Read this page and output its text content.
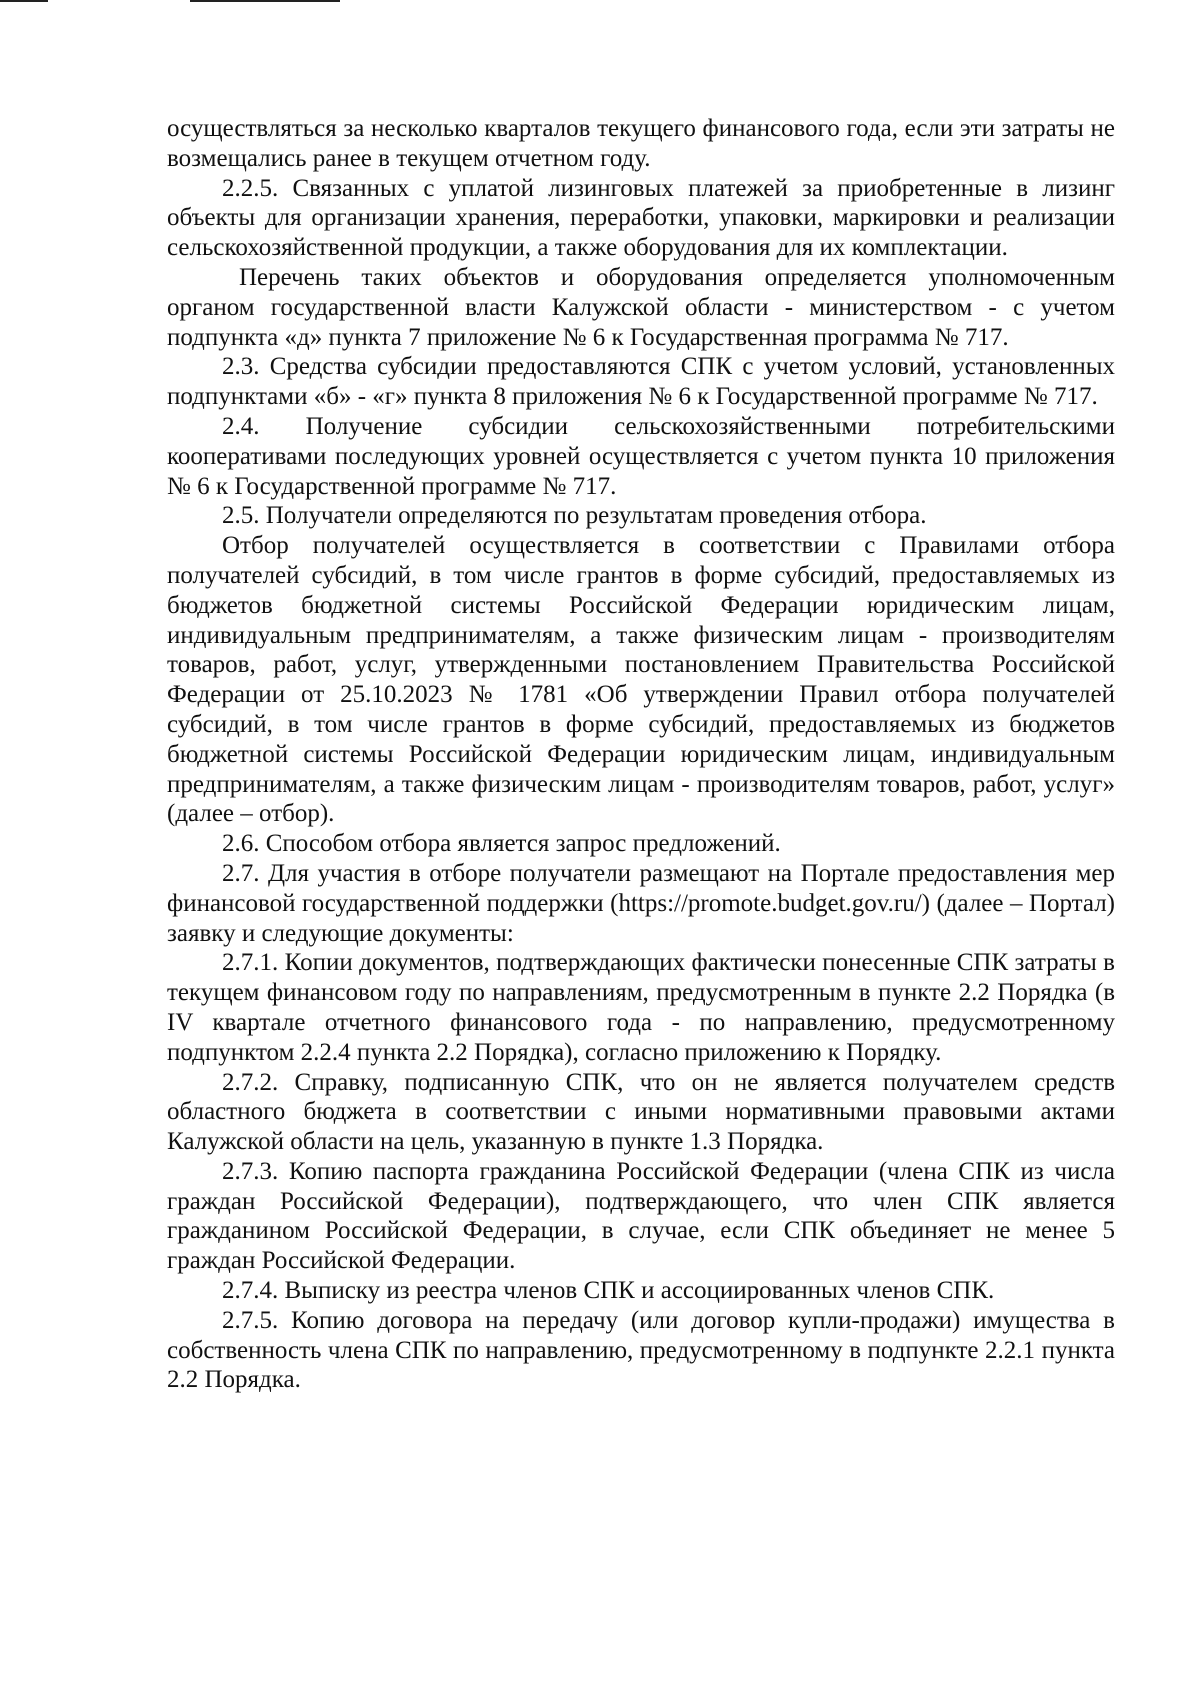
осуществляться за несколько кварталов текущего финансового года, если эти затраты не возмещались ранее в текущем отчетном году.

2.2.5. Связанных с уплатой лизинговых платежей за приобретенные в лизинг объекты для организации хранения, переработки, упаковки, маркировки и реализации сельскохозяйственной продукции, а также оборудования для их комплектации.

Перечень таких объектов и оборудования определяется уполномоченным органом государственной власти Калужской области - министерством - с учетом подпункта «д» пункта 7 приложение № 6 к Государственная программа № 717.

2.3. Средства субсидии предоставляются СПК с учетом условий, установленных подпунктами «б» - «г» пункта 8 приложения № 6 к Государственной программе № 717.

2.4. Получение субсидии сельскохозяйственными потребительскими кооперативами последующих уровней осуществляется с учетом пункта 10 приложения № 6 к Государственной программе № 717.

2.5. Получатели определяются по результатам проведения отбора.

Отбор получателей осуществляется в соответствии с Правилами отбора получателей субсидий, в том числе грантов в форме субсидий, предоставляемых из бюджетов бюджетной системы Российской Федерации юридическим лицам, индивидуальным предпринимателям, а также физическим лицам - производителям товаров, работ, услуг, утвержденными постановлением Правительства Российской Федерации от 25.10.2023 № 1781 «Об утверждении Правил отбора получателей субсидий, в том числе грантов в форме субсидий, предоставляемых из бюджетов бюджетной системы Российской Федерации юридическим лицам, индивидуальным предпринимателям, а также физическим лицам - производителям товаров, работ, услуг» (далее – отбор).

2.6. Способом отбора является запрос предложений.

2.7. Для участия в отборе получатели размещают на Портале предоставления мер финансовой государственной поддержки (https://promote.budget.gov.ru/) (далее – Портал) заявку и следующие документы:

2.7.1. Копии документов, подтверждающих фактически понесенные СПК затраты в текущем финансовом году по направлениям, предусмотренным в пункте 2.2 Порядка (в IV квартале отчетного финансового года - по направлению, предусмотренному подпунктом 2.2.4 пункта 2.2 Порядка), согласно приложению к Порядку.

2.7.2. Справку, подписанную СПК, что он не является получателем средств областного бюджета в соответствии с иными нормативными правовыми актами Калужской области на цель, указанную в пункте 1.3 Порядка.

2.7.3. Копию паспорта гражданина Российской Федерации (члена СПК из числа граждан Российской Федерации), подтверждающего, что член СПК является гражданином Российской Федерации, в случае, если СПК объединяет не менее 5 граждан Российской Федерации.

2.7.4. Выписку из реестра членов СПК и ассоциированных членов СПК.

2.7.5. Копию договора на передачу (или договор купли-продажи) имущества в собственность члена СПК по направлению, предусмотренному в подпункте 2.2.1 пункта 2.2 Порядка.
